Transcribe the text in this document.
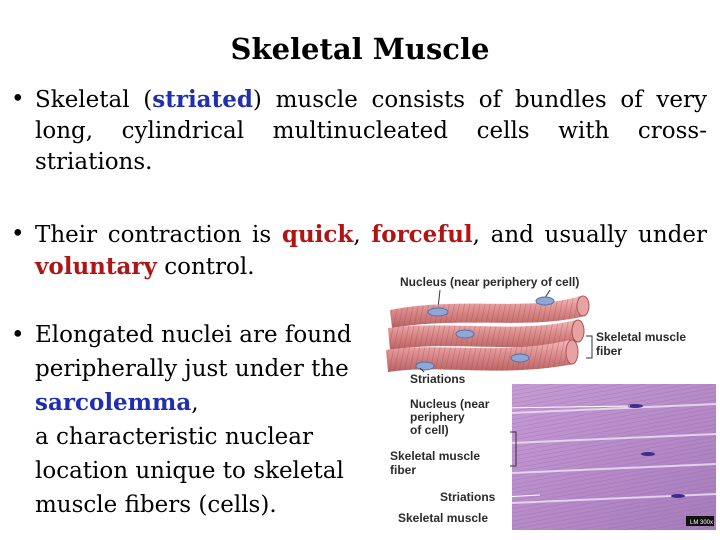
Skeletal Muscle
• Skeletal (striated) muscle consists of bundles of very long, cylindrical multinucleated cells with cross-striations.
• Their contraction is quick, forceful, and usually under voluntary control.
• Elongated nuclei are found peripherally just under the sarcolemma,
a characteristic nuclear location unique to skeletal muscle fibers (cells).
Nucleus (near periphery of cell)
Skeletal muscle
fiber
Striations
Nucleus (near
periphery
of cell)
Skeletal muscle
fiber
Striations
Skeletal muscle	LM 300x
